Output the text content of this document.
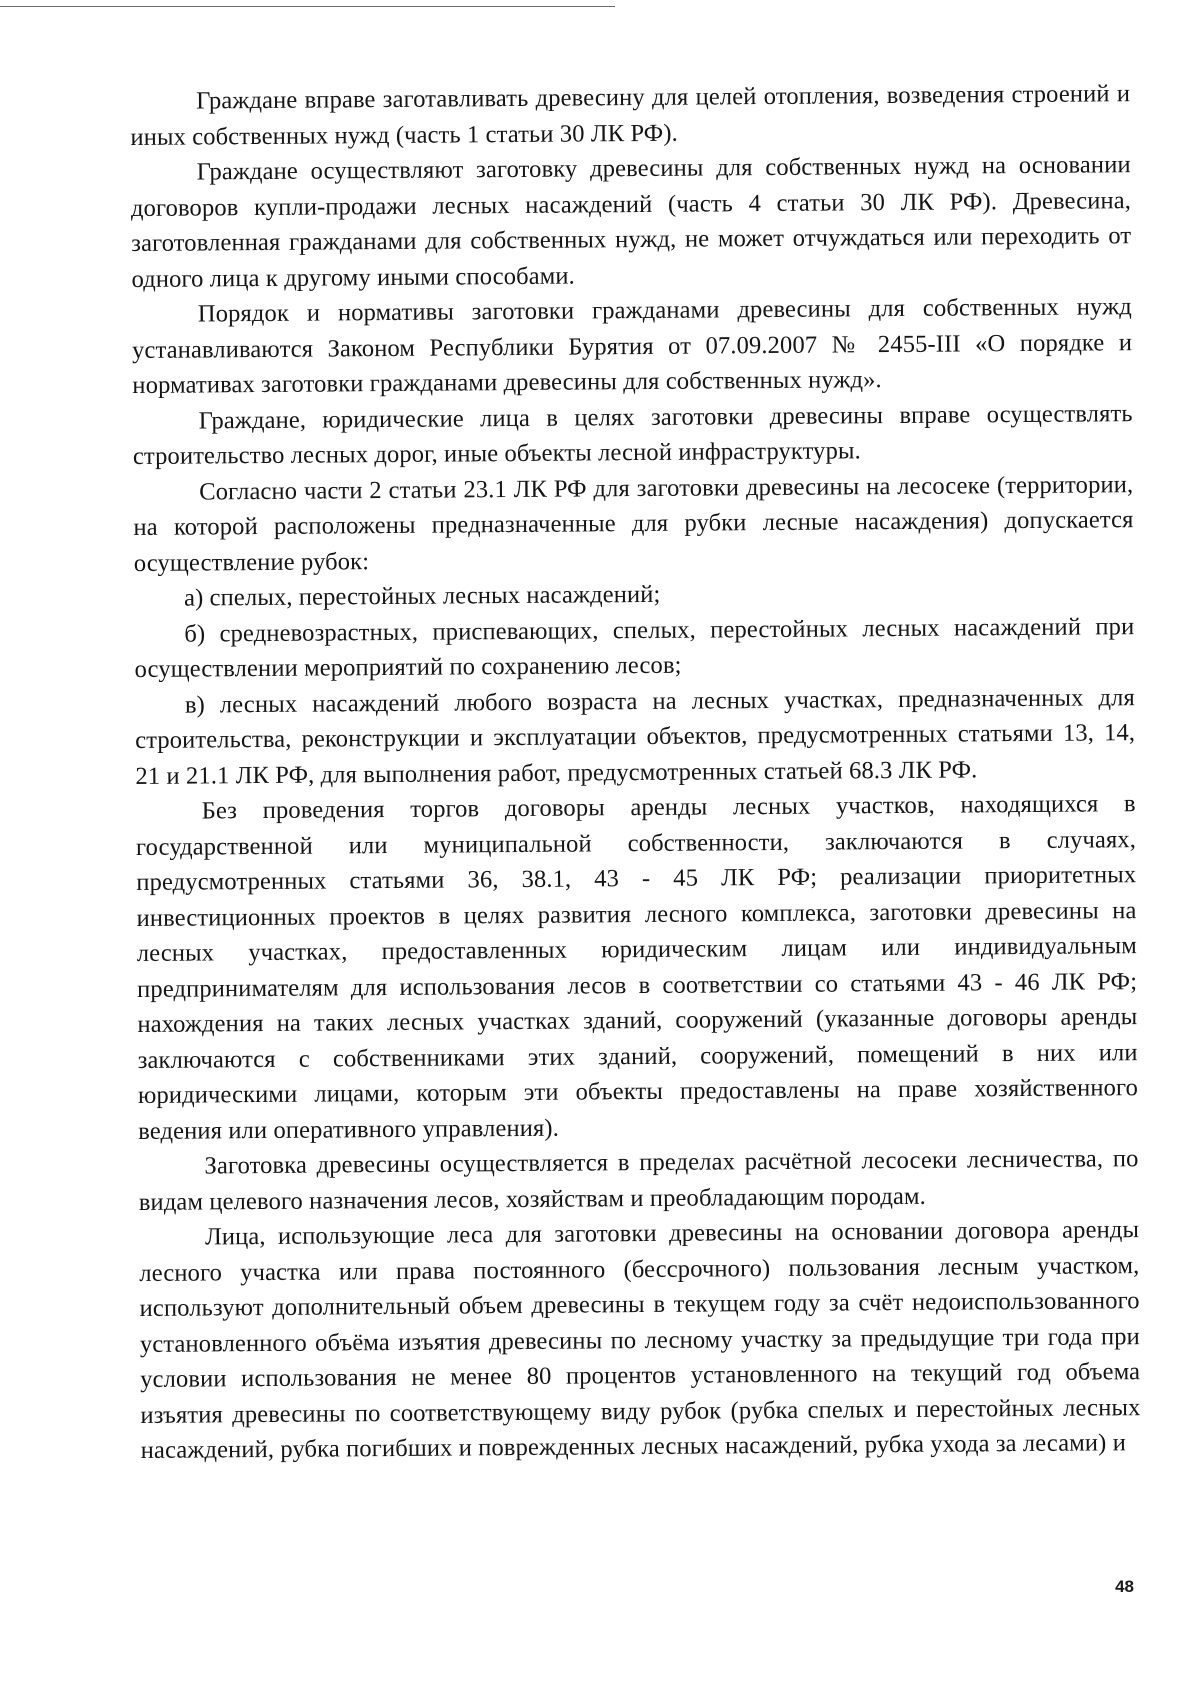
Граждане вправе заготавливать древесину для целей отопления, возведения строений и иных собственных нужд (часть 1 статьи 30 ЛК РФ).

Граждане осуществляют заготовку древесины для собственных нужд на основании договоров купли-продажи лесных насаждений (часть 4 статьи 30 ЛК РФ). Древесина, заготовленная гражданами для собственных нужд, не может отчуждаться или переходить от одного лица к другому иными способами.

Порядок и нормативы заготовки гражданами древесины для собственных нужд устанавливаются Законом Республики Бурятия от 07.09.2007 № 2455-III «О порядке и нормативах заготовки гражданами древесины для собственных нужд».

Граждане, юридические лица в целях заготовки древесины вправе осуществлять строительство лесных дорог, иные объекты лесной инфраструктуры.

Согласно части 2 статьи 23.1 ЛК РФ для заготовки древесины на лесосеке (территории, на которой расположены предназначенные для рубки лесные насаждения) допускается осуществление рубок:

а) спелых, перестойных лесных насаждений;

б) средневозрастных, приспевающих, спелых, перестойных лесных насаждений при осуществлении мероприятий по сохранению лесов;

в) лесных насаждений любого возраста на лесных участках, предназначенных для строительства, реконструкции и эксплуатации объектов, предусмотренных статьями 13, 14, 21 и 21.1 ЛК РФ, для выполнения работ, предусмотренных статьей 68.3 ЛК РФ.

Без проведения торгов договоры аренды лесных участков, находящихся в государственной или муниципальной собственности, заключаются в случаях, предусмотренных статьями 36, 38.1, 43 - 45 ЛК РФ; реализации приоритетных инвестиционных проектов в целях развития лесного комплекса, заготовки древесины на лесных участках, предоставленных юридическим лицам или индивидуальным предпринимателям для использования лесов в соответствии со статьями 43 - 46 ЛК РФ; нахождения на таких лесных участках зданий, сооружений (указанные договоры аренды заключаются с собственниками этих зданий, сооружений, помещений в них или юридическими лицами, которым эти объекты предоставлены на праве хозяйственного ведения или оперативного управления).

Заготовка древесины осуществляется в пределах расчётной лесосеки лесничества, по видам целевого назначения лесов, хозяйствам и преобладающим породам.

Лица, использующие леса для заготовки древесины на основании договора аренды лесного участка или права постоянного (бессрочного) пользования лесным участком, используют дополнительный объем древесины в текущем году за счёт недоиспользованного установленного объёма изъятия древесины по лесному участку за предыдущие три года при условии использования не менее 80 процентов установленного на текущий год объема изъятия древесины по соответствующему виду рубок (рубка спелых и перестойных лесных насаждений, рубка погибших и поврежденных лесных насаждений, рубка ухода за лесами) и

48
